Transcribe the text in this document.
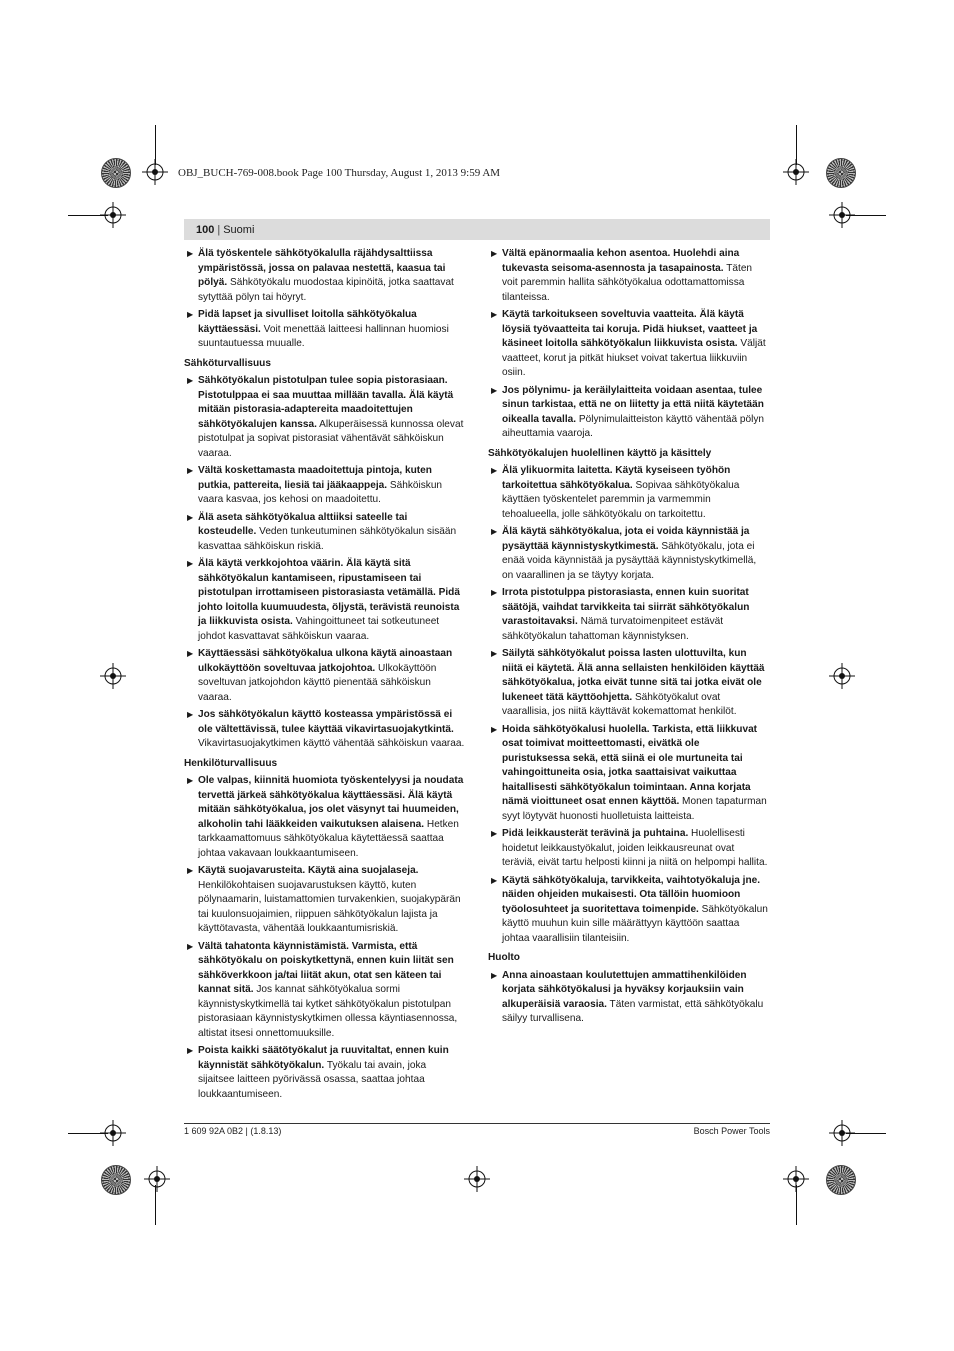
OBJ_BUCH-769-008.book Page 100 Thursday, August 1, 2013 9:59 AM
100 | Suomi
▶ Älä työskentele sähkötyökalulla räjähdysalttiissa ympäristössä, jossa on palavaa nestettä, kaasua tai pölyä. Sähkötyökalu muodostaa kipinöitä, jotka saattavat sytyttää pölyn tai höyryt.
▶ Pidä lapset ja sivulliset loitolla sähkötyökalua käyttäessäsi. Voit menettää laitteesi hallinnan huomiosi suuntautuessa muualle.
Sähköturvallisuus
▶ Sähkötyökalun pistotulpan tulee sopia pistorasiaan. Pistotulppaa ei saa muuttaa millään tavalla. Älä käytä mitään pistorasia-adaptereita maadoitettujen sähkötyökalujen kanssa. Alkuperäisessä kunnossa olevat pistotulpat ja sopivat pistorasiat vähentävät sähköiskun vaaraa.
▶ Vältä koskettamasta maadoitettuja pintoja, kuten putkia, pattereita, liesiä tai jääkaappeja. Sähköiskun vaara kasvaa, jos kehosi on maadoitettu.
▶ Älä aseta sähkötyökalua alttiiksi sateelle tai kosteudelle. Veden tunkeutuminen sähkötyökalun sisään kasvattaa sähköiskun riskiä.
▶ Älä käytä verkkojohtoa väärin. Älä käytä sitä sähkötyökalun kantamiseen, ripustamiseen tai pistotulpan irrottamiseen pistorasiasta vetämällä. Pidä johto loitolla kuumuudesta, öljystä, terävistä reunoista ja liikkuvista osista. Vahingoittuneet tai sotkeutuneet johdot kasvattavat sähköiskun vaaraa.
▶ Käyttäessäsi sähkötyökalua ulkona käytä ainoastaan ulkokäyttöön soveltuvaa jatkojohtoa. Ulkokäyttöön soveltuvan jatkojohdon käyttö pienentää sähköiskun vaaraa.
▶ Jos sähkötyökalun käyttö kosteassa ympäristössä ei ole vältettävissä, tulee käyttää vikavirtasuojakytkintä. Vikavirtasuojakytkimen käyttö vähentää sähköiskun vaaraa.
Henkilöturvallisuus
▶ Ole valpas, kiinnitä huomiota työskentelyysi ja noudata tervettä järkeä sähkötyökalua käyttäessäsi. Älä käytä mitään sähkötyökalua, jos olet väsynyt tai huumeiden, alkoholin tahi lääkkeiden vaikutuksen alaisena. Hetken tarkkaamattomuus sähkötyökalua käytettäessä saattaa johtaa vakavaan loukkaantumiseen.
▶ Käytä suojavarusteita. Käytä aina suojalaseja. Henkilökohtaisen suojavarustuksen käyttö, kuten pölynaamarin, luistamattomien turvakenkien, suojakypärän tai kuulonsuojaimien, riippuen sähkötyökalun lajista ja käyttötavasta, vähentää loukkaantumisriskiä.
▶ Vältä tahatonta käynnistämistä. Varmista, että sähkötyökalu on poiskytkettynä, ennen kuin liität sen sähköverkkoon ja/tai liität akun, otat sen käteen tai kannat sitä. Jos kannat sähkötyökalua sormi käynnistyskytkimellä tai kytket sähkötyökalun pistotulpan pistorasiaan käynnistyskytkimen ollessa käyntiasennossa, altistat itsesi onnettomuuksille.
▶ Poista kaikki säätötyökalut ja ruuvitaltat, ennen kuin käynnistät sähkötyökalun. Työkalu tai avain, joka sijaitsee laitteen pyörivässä osassa, saattaa johtaa loukkaantumiseen.
▶ Vältä epänormaalia kehon asentoa. Huolehdi aina tukevasta seisoma-asennosta ja tasapainosta. Täten voit paremmin hallita sähkötyökalua odottamattomissa tilanteissa.
▶ Käytä tarkoitukseen soveltuvia vaatteita. Älä käytä löysiä työvaatteita tai koruja. Pidä hiukset, vaatteet ja käsineet loitolla sähkötyökalun liikkuvista osista. Väljät vaatteet, korut ja pitkät hiukset voivat takertua liikkuviin osiin.
▶ Jos pölynimu- ja keräilylaitteita voidaan asentaa, tulee sinun tarkistaa, että ne on liitetty ja että niitä käytetään oikealla tavalla. Pölynimulaitteiston käyttö vähentää pölyn aiheuttamia vaaroja.
Sähkötyökalujen huolellinen käyttö ja käsittely
▶ Älä ylikuormita laitetta. Käytä kyseiseen työhön tarkoitettua sähkötyökalua. Sopivaa sähkötyökalua käyttäen työskentelet paremmin ja varmemmin tehoalueella, jolle sähkötyökalu on tarkoitettu.
▶ Älä käytä sähkötyökalua, jota ei voida käynnistää ja pysäyttää käynnistyskytkimestä. Sähkötyökalu, jota ei enää voida käynnistää ja pysäyttää käynnistyskytkimellä, on vaarallinen ja se täytyy korjata.
▶ Irrota pistotulppa pistorasiasta, ennen kuin suoritat säätöjä, vaihdat tarvikkeita tai siirrät sähkötyökalun varastoitavaksi. Nämä turvatoimenpiteet estävät sähkötyökalun tahattoman käynnistyksen.
▶ Säilytä sähkötyökalut poissa lasten ulottuvilta, kun niitä ei käytetä. Älä anna sellaisten henkilöiden käyttää sähkötyökalua, jotka eivät tunne sitä tai jotka eivät ole lukeneet tätä käyttöohjetta. Sähkötyökalut ovat vaarallisia, jos niitä käyttävät kokemattomat henkilöt.
▶ Hoida sähkötyökalusi huolella. Tarkista, että liikkuvat osat toimivat moitteettomasti, eivätkä ole puristuksessa sekä, että siinä ei ole murtuneita tai vahingoittuneita osia, jotka saattaisivat vaikuttaa haitallisesti sähkötyökalun toimintaan. Anna korjata nämä vioittuneet osat ennen käyttöä. Monen tapaturman syyt löytyvät huonosti huolletuista laitteista.
▶ Pidä leikkausterät terävinä ja puhtaina. Huolellisesti hoidetut leikkaustyökalut, joiden leikkausreunat ovat teräviä, eivät tartu helposti kiinni ja niitä on helpompi hallita.
▶ Käytä sähkötyökaluja, tarvikkeita, vaihtotyökaluja jne. näiden ohjeiden mukaisesti. Ota tällöin huomioon työolosuhteet ja suoritettava toimenpide. Sähkötyökalun käyttö muuhun kuin sille määrättyyn käyttöön saattaa johtaa vaarallisiin tilanteisiin.
Huolto
▶ Anna ainoastaan koulutettujen ammattihenkilöiden korjata sähkötyökalusi ja hyväksy korjauksiin vain alkuperäisiä varaosia. Täten varmistat, että sähkötyökalu säilyy turvallisena.
1 609 92A 0B2 | (1.8.13)	Bosch Power Tools
